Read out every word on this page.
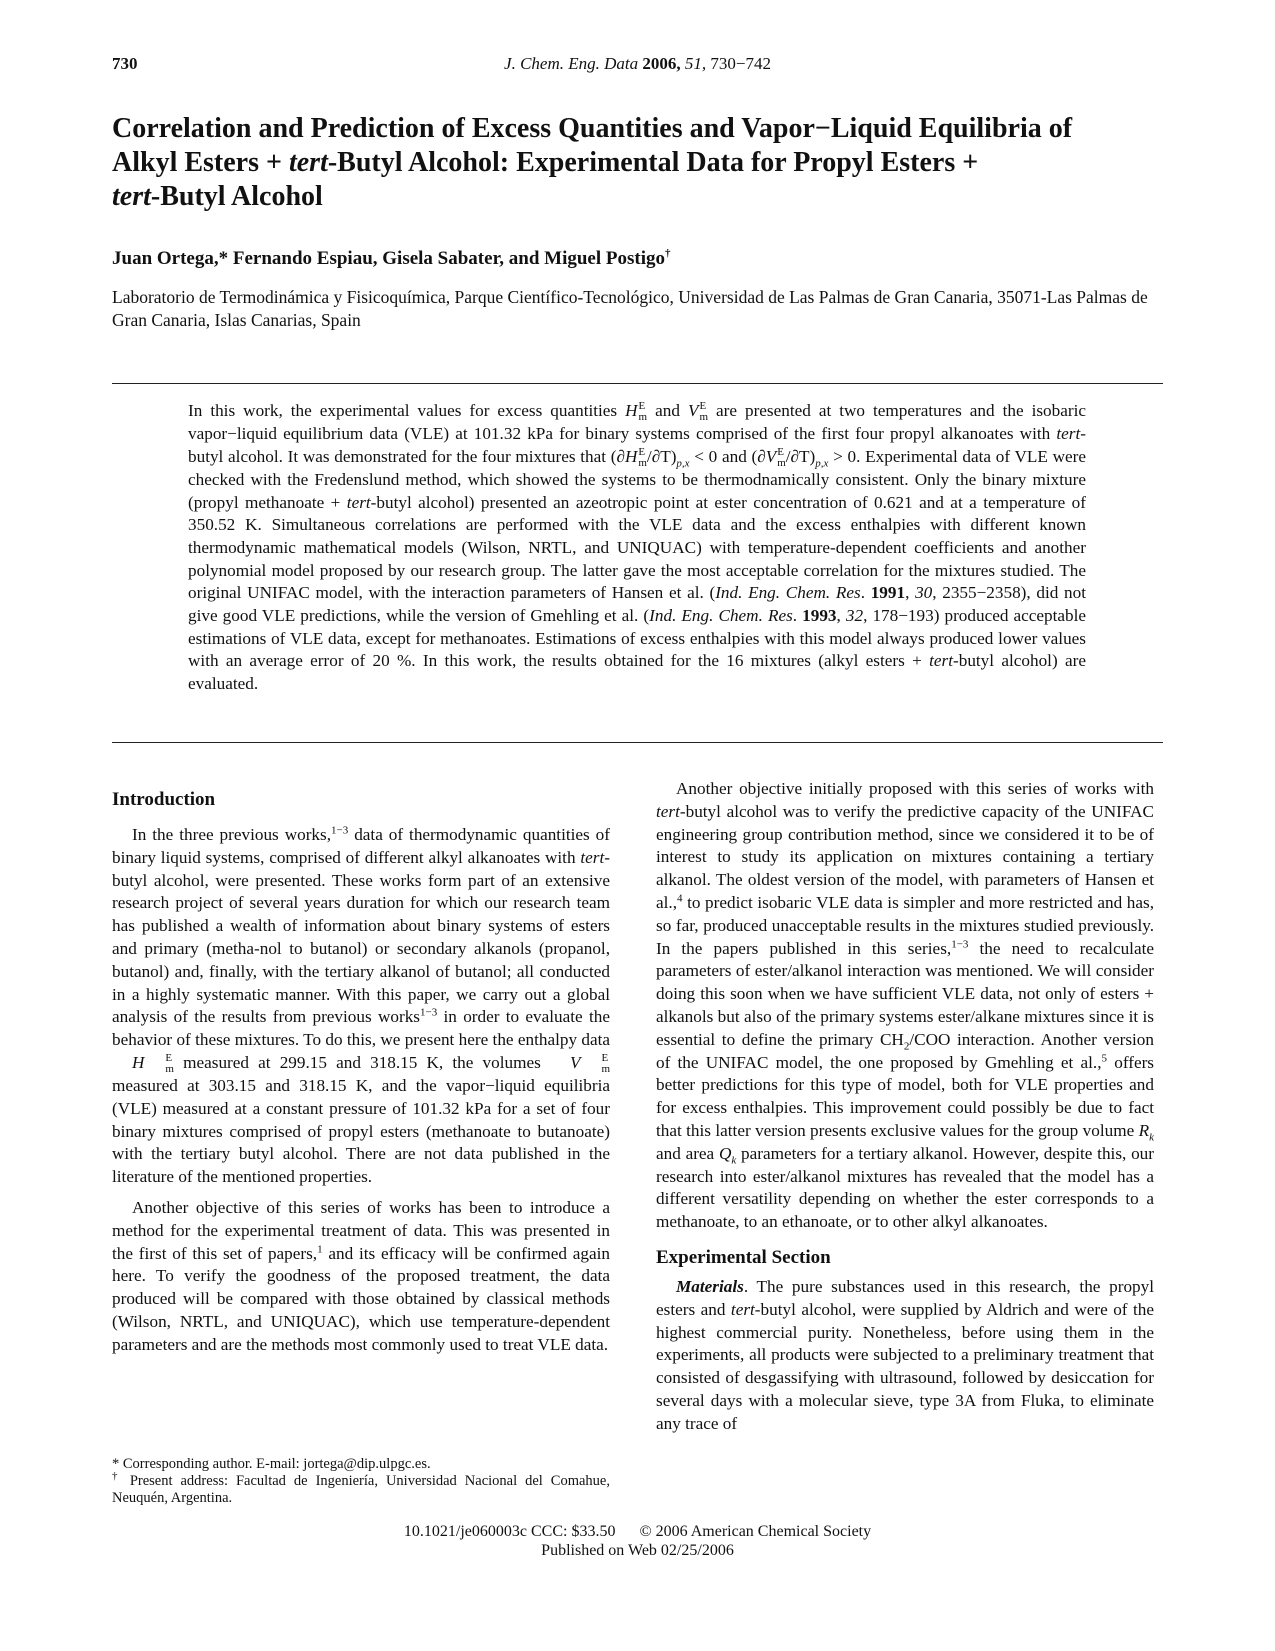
730	J. Chem. Eng. Data 2006, 51, 730−742
Correlation and Prediction of Excess Quantities and Vapor−Liquid Equilibria of
Alkyl Esters + tert-Butyl Alcohol: Experimental Data for Propyl Esters +
tert-Butyl Alcohol
Juan Ortega,* Fernando Espiau, Gisela Sabater, and Miguel Postigo†
Laboratorio de Termodinámica y Fisicoquímica, Parque Científico-Tecnológico, Universidad de Las Palmas de Gran Canaria, 35071-Las Palmas de Gran Canaria, Islas Canarias, Spain

In this work, the experimental values for excess quantities H E
m and V E
m are presented at two temperatures and the isobaric vapor−liquid equilibrium data (VLE) at 101.32 kPa for binary systems comprised of the first four propyl alkanoates with tert-butyl alcohol. It was demonstrated for the four mixtures that (∂H E
m $/\partial T)_{p,x} < 0$ and (∂V E
m $/\partial T)_{p,x} > 0$. Experimental data of VLE were checked with the Fredenslund method, which showed the systems to be thermodnamically consistent. Only the binary mixture (propyl methanoate + tert-butyl alcohol) presented an azeotropic point at ester concentration of 0.621 and at a temperature of 350.52 K. Simultaneous correlations are performed with the VLE data and the excess enthalpies with different known thermodynamic mathematical models (Wilson, NRTL, and UNIQUAC) with temperature-dependent coefficients and another polynomial model proposed by our research group. The latter gave the most acceptable correlation for the mixtures studied. The original UNIFAC model, with the interaction parameters of Hansen et al. (Ind. Eng. Chem. Res. 1991, 30, 2355−2358), did not give good VLE predictions, while the version of Gmehling et al. (Ind. Eng. Chem. Res. 1993, 32, 178−193) produced acceptable estimations of VLE data, except for methanoates. Estimations of excess enthalpies with this model always produced lower values with an average error of 20 %. In this work, the results obtained for the 16 mixtures (alkyl esters + tert-butyl alcohol) are evaluated.

Introduction

In the three previous works,$^{1-3}$ data of thermodynamic quantities of binary liquid systems, comprised of different alkyl alkanoates with tert-butyl alcohol, were presented. These works form part of an extensive research project of several years duration for which our research team has published a wealth of information about binary systems of esters and primary (metha-nol to butanol) or secondary alkanols (propanol, butanol) and, finally, with the tertiary alkanol of butanol; all conducted in a highly systematic manner. With this paper, we carry out a global analysis of the results from previous works$^{1-3}$ in order to evaluate the behavior of these mixtures. To do this, we present here the enthalpy data H	E
m measured at 299.15 and 318.15 K, the volumes V	E
m
measured at 303.15 and 318.15 K, and the vapor−liquid equilibria (VLE) measured at a constant pressure of 101.32 kPa for a set of four binary mixtures comprised of propyl esters (methanoate to butanoate) with the tertiary butyl alcohol. There are not data published in the literature of the mentioned properties.

Another objective of this series of works has been to introduce a method for the experimental treatment of data. This was presented in the first of this set of papers,$^1$ and its efficacy will be confirmed again here. To verify the goodness of the proposed treatment, the data produced will be compared with those obtained by classical methods (Wilson, NRTL, and UNIQUAC), which use temperature-dependent parameters and are the methods most commonly used to treat VLE data.

Another objective initially proposed with this series of works with tert-butyl alcohol was to verify the predictive capacity of the UNIFAC engineering group contribution method, since we considered it to be of interest to study its application on mixtures containing a tertiary alkanol. The oldest version of the model, with parameters of Hansen et al.,$^4$ to predict isobaric VLE data is simpler and more restricted and has, so far, produced unacceptable results in the mixtures studied previously. In the papers published in this series,$^{1-3}$ the need to recalculate parameters of ester/alkanol interaction was mentioned. We will consider doing this soon when we have sufficient VLE data, not only of esters + alkanols but also of the primary systems ester/alkane mixtures since it is essential to define the primary $CH_2$/COO interaction. Another version of the UNIFAC model, the one proposed by Gmehling et al.,$^5$ offers better predictions for this type of model, both for VLE properties and for excess enthalpies. This improvement could possibly be due to fact that this latter version presents exclusive values for the group volume $R_k$ and area $Q_k$ parameters for a tertiary alkanol. However, despite this, our research into ester/alkanol mixtures has revealed that the model has a different versatility depending on whether the ester corresponds to a methanoate, to an ethanoate, or to other alkyl alkanoates.

Experimental Section

Materials. The pure substances used in this research, the propyl esters and tert-butyl alcohol, were supplied by Aldrich and were of the highest commercial purity. Nonetheless, before using them in the experiments, all products were subjected to a preliminary treatment that consisted of desgassifying with ultrasound, followed by desiccation for several days with a molecular sieve, type 3A from Fluka, to eliminate any trace of

* Corresponding author. E-mail: jortega@dip.ulpgc.es.
† Present address: Facultad de Ingeniería, Universidad Nacional del Comahue, Neuquén, Argentina.
10.1021/je060003c CCC: $33.50 © 2006 American Chemical Society
Published on Web 02/25/2006
